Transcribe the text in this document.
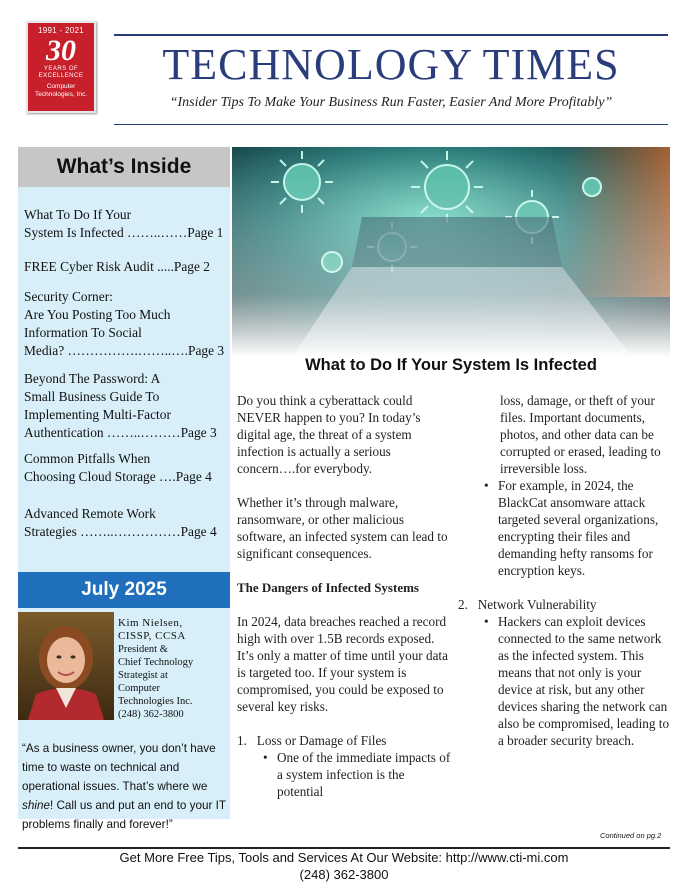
1991 - 2021
30
YEARS OF
EXCELLENCE
Computer
Technologies, Inc.
TECHNOLOGY TIMES
“Insider Tips To Make Your Business Run Faster, Easier And More Profitably”
What’s Inside
What To Do If Your
System Is Infected ……..……Page 1
FREE Cyber Risk Audit .....Page 2
Security Corner:
Are You Posting Too Much
Information To Social
Media? …………….……..….Page 3
Beyond The Password: A
Small Business Guide To
Implementing Multi-Factor
Authentication ……..………Page 3
Common Pitfalls When
Choosing Cloud Storage ….Page 4
Advanced Remote Work
Strategies ……..……………Page 4
July 2025
Kim Nielsen,
CISSP, CCSA
President &
Chief Technology
Strategist at
Computer
Technologies Inc.
(248) 362-3800
“As a business owner, you don’t have time to waste on technical and operational issues. That’s where we shine! Call us and put an end to your IT problems finally and forever!”
What to Do If Your System Is Infected

Do you think a cyberattack could NEVER happen to you? In today’s digital age, the threat of a system infection is actually a serious concern….for everybody.

Whether it’s through malware, ransomware, or other malicious software, an infected system can lead to significant consequences.

The Dangers of Infected Systems

In 2024, data breaches reached a record high with over 1.5B records exposed. It’s only a matter of time until your data is targeted too. If your system is compromised, you could be exposed to several key risks.

1. Loss or Damage of Files

• One of the immediate impacts of a system infection is the potential

loss, damage, or theft of your files. Important documents, photos, and other data can be corrupted or erased, leading to irreversible loss.

• For example, in 2024, the BlackCat ansomware attack targeted several organizations, encrypting their files and demanding hefty ransoms for encryption keys.

2. Network Vulnerability

• Hackers can exploit devices connected to the same network as the infected system. This means that not only is your device at risk, but any other devices sharing the network can also be compromised, leading to a broader security breach.

Continued on pg.2
Get More Free Tips, Tools and Services At Our Website: http://www.cti-mi.com
(248) 362-3800
